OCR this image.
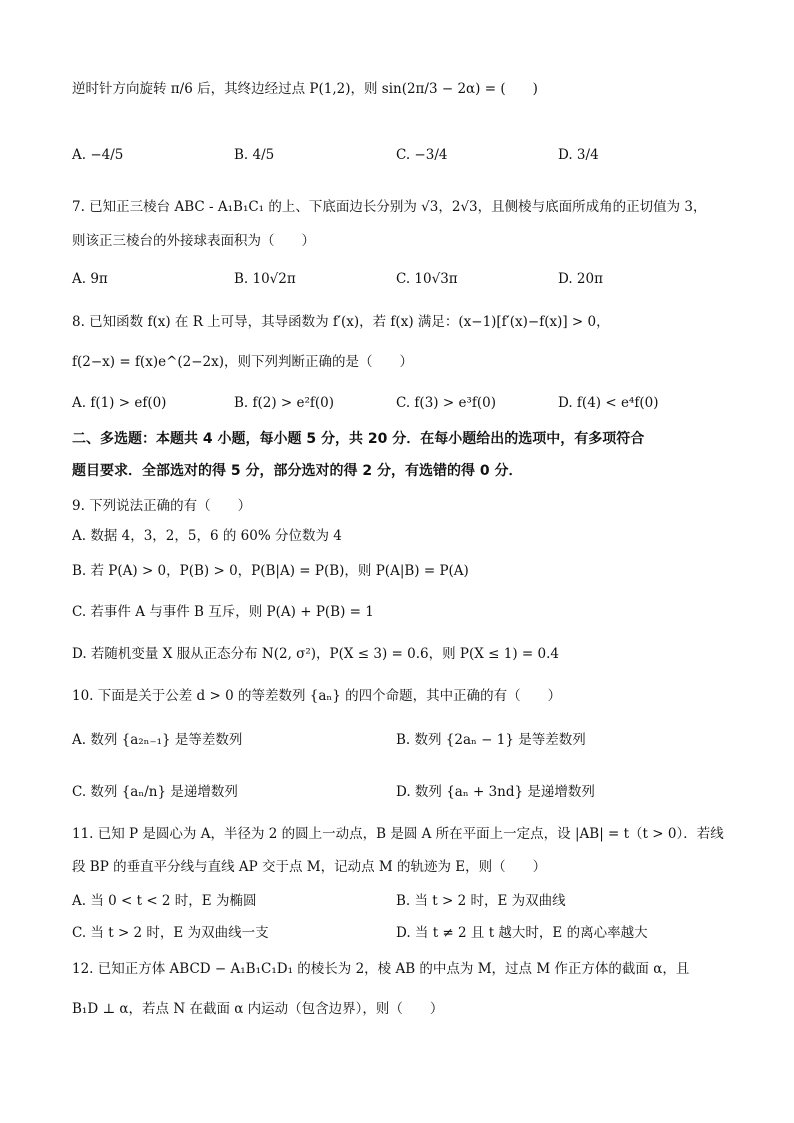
逆时针方向旋转 π/6 后，其终边经过点 P(1,2)，则 sin(2π/3 − 2α) = (　　)
A. −4/5	B. 4/5	C. −3/4	D. 3/4
7. 已知正三棱台 ABC - A₁B₁C₁ 的上、下底面边长分别为 √3，2√3，且侧棱与底面所成角的正切值为 3，
则该正三棱台的外接球表面积为（　　）
A. 9π	B. 10√2π	C. 10√3π	D. 20π
8. 已知函数 f(x) 在 R 上可导，其导函数为 f′(x)，若 f(x) 满足：(x−1)[f′(x)−f(x)] > 0，
f(2−x) = f(x)e^(2−2x)，则下列判断正确的是（　　）
A. f(1) > ef(0)	B. f(2) > e²f(0)	C. f(3) > e³f(0)	D. f(4) < e⁴f(0)
二、多选题：本题共 4 小题，每小题 5 分，共 20 分．在每小题给出的选项中，有多项符合
题目要求．全部选对的得 5 分，部分选对的得 2 分，有选错的得 0 分．
9. 下列说法正确的有（　　）
A. 数据 4，3，2，5，6 的 60% 分位数为 4
B. 若 P(A) > 0，P(B) > 0，P(B|A) = P(B)，则 P(A|B) = P(A)
C. 若事件 A 与事件 B 互斥，则 P(A) + P(B) = 1
D. 若随机变量 X 服从正态分布 N(2, σ²)，P(X ≤ 3) = 0.6，则 P(X ≤ 1) = 0.4
10. 下面是关于公差 d > 0 的等差数列 {aₙ} 的四个命题，其中正确的有（　　）
A. 数列 {a₂ₙ₋₁} 是等差数列	B. 数列 {2aₙ − 1} 是等差数列
C. 数列 {aₙ/n} 是递增数列	D. 数列 {aₙ + 3nd} 是递增数列
11. 已知 P 是圆心为 A，半径为 2 的圆上一动点，B 是圆 A 所在平面上一定点，设 |AB| = t（t > 0）．若线
段 BP 的垂直平分线与直线 AP 交于点 M，记动点 M 的轨迹为 E，则（　　）
A. 当 0 < t < 2 时，E 为椭圆	B. 当 t > 2 时，E 为双曲线
C. 当 t > 2 时，E 为双曲线一支	D. 当 t ≠ 2 且 t 越大时，E 的离心率越大
12. 已知正方体 ABCD − A₁B₁C₁D₁ 的棱长为 2，棱 AB 的中点为 M，过点 M 作正方体的截面 α，且
B₁D ⊥ α，若点 N 在截面 α 内运动（包含边界），则（　　）
